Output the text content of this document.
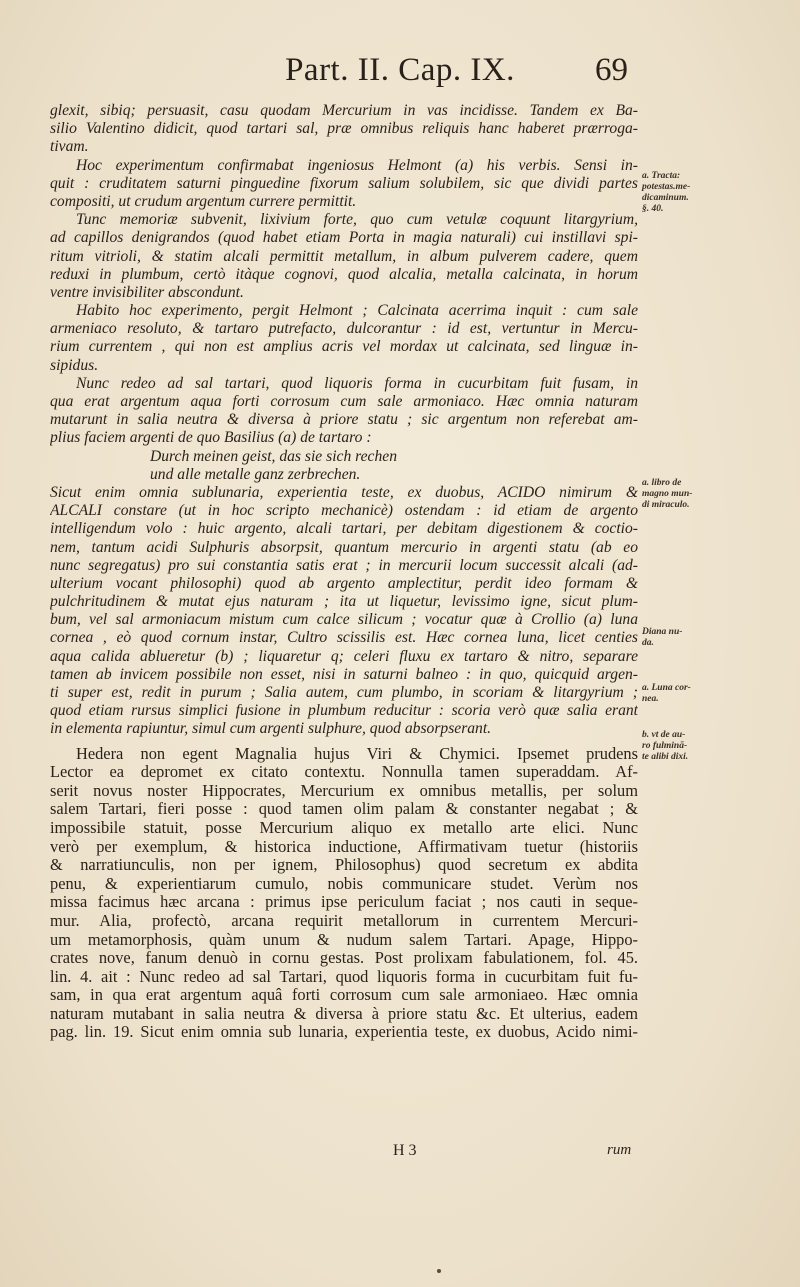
Part. II. Cap. IX.	69
glexit, sibiq; persuasit, casu quodam Mercurium in vas incidisse. Tandem ex Ba-
silio Valentino didicit, quod tartari sal, præ omnibus reliquis hanc haberet prærroga-
tivam.
Hoc experimentum confirmabat ingeniosus Helmont (a) his verbis. Sensi in-
quit : cruditatem saturni pinguedine fixorum salium solubilem, sic que dividi partes
compositi, ut crudum argentum currere permittit.
Tunc memoriæ subvenit, lixivium forte, quo cum vetulæ coquunt litargyrium,
ad capillos denigrandos (quod habet etiam Porta in magia naturali) cui instillavi spi-
ritum vitrioli, & statim alcali permittit metallum, in album pulverem cadere, quem
reduxi in plumbum, certò itàque cognovi, quod alcalia, metalla calcinata, in horum
ventre invisibiliter abscondunt.
Habito hoc experimento, pergit Helmont ; Calcinata acerrima inquit : cum sale
armeniaco resoluto, & tartaro putrefacto, dulcorantur : id est, vertuntur in Mercu-
rium currentem , qui non est amplius acris vel mordax ut calcinata, sed linguæ in-
sipidus.
Nunc redeo ad sal tartari, quod liquoris forma in cucurbitam fuit fusam, in
qua erat argentum aqua forti corrosum cum sale armoniaco. Hæc omnia naturam
mutarunt in salia neutra & diversa à priore statu ; sic argentum non referebat am-
plius faciem argenti de quo Basilius (a) de tartaro :
Durch meinen geist, das sie sich rechen
und alle metalle ganz zerbrechen.
Sicut enim omnia sublunaria, experientia teste, ex duobus, ACIDO nimirum &
ALCALI constare (ut in hoc scripto mechanicè) ostendam : id etiam de argento
intelligendum volo : huic argento, alcali tartari, per debitam digestionem & coctio-
nem, tantum acidi Sulphuris absorpsit, quantum mercurio in argenti statu (ab eo
nunc segregatus) pro sui constantia satis erat ; in mercurii locum successit alcali (ad-
ulterium vocant philosophi) quod ab argento amplectitur, perdit ideo formam &
pulchritudinem & mutat ejus naturam ; ita ut liquetur, levissimo igne, sicut plum-
bum, vel sal armoniacum mistum cum calce silicum ; vocatur quæ à Crollio (a) luna
cornea , eò quod cornum instar, Cultro scissilis est. Hæc cornea luna, licet centies
aqua calida ablueretur (b) ; liquaretur q; celeri fluxu ex tartaro & nitro, separare
tamen ab invicem possibile non esset, nisi in saturni balneo : in quo, quicquid argen-
ti super est, redit in purum ; Salia autem, cum plumbo, in scoriam & litargyrium ;
quod etiam rursus simplici fusione in plumbum reducitur : scoria verò quæ salia erant
in elementa rapiuntur, simul cum argenti sulphure, quod absorpserant.
Hedera non egent Magnalia hujus Viri & Chymici. Ipsemet prudens
Lector ea depromet ex citato contextu. Nonnulla tamen superaddam. Af-
serit novus noster Hippocrates, Mercurium ex omnibus metallis, per solum
salem Tartari, fieri posse : quod tamen olim palam & constanter negabat ; &
impossibile statuit, posse Mercurium aliquo ex metallo arte elici. Nunc
verò per exemplum, & historica inductione, Affirmativam tuetur (historiis
& narratiunculis, non per ignem, Philosophus) quod secretum ex abdita
penu, & experientiarum cumulo, nobis communicare studet. Verùm nos
missa facimus hæc arcana : primus ipse periculum faciat ; nos cauti in seque-
mur. Alia, profectò, arcana requirit metallorum in currentem Mercuri-
um metamorphosis, quàm unum & nudum salem Tartari. Apage, Hippo-
crates nove, fanum denuò in cornu gestas. Post prolixam fabulationem, fol. 45.
lin. 4. ait : Nunc redeo ad sal Tartari, quod liquoris forma in cucurbitam fuit fu-
sam, in qua erat argentum aquâ forti corrosum cum sale armoniaeo. Hæc omnia
naturam mutabant in salia neutra & diversa à priore statu &c. Et ulterius, eadem
pag. lin. 19. Sicut enim omnia sub lunaria, experientia teste, ex duobus, Acido nimi-
a. Tracta:
potestas.me-
dicaminum.
§. 40.
a. libro de
magno mun-
di miraculo.
Diana nu-
da.
a. Luna cor-
nea.
b. vt de au-
ro fulminā-
te alibi dixi.
H 3	rum
